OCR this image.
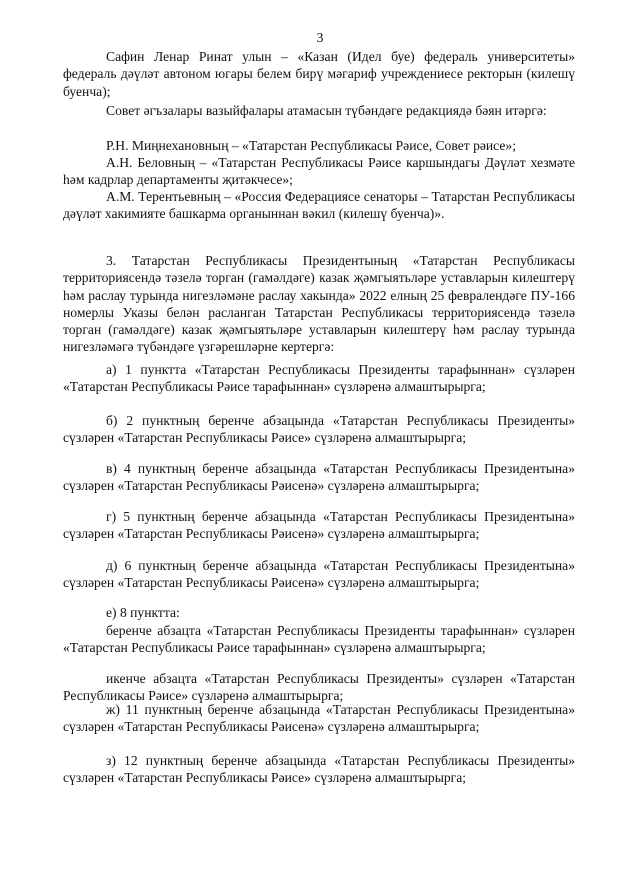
3

Сафин Ленар Ринат улын – «Казан (Идел буе) федераль университеты» федераль дәүләт автоном югары белем бирү мәгариф учреждениесе ректорын (килешү буенча);

Совет әгъзалары вазыйфалары атамасын түбәндәге редакциядә бәян итәргә:

Р.Н. Миңнехановның – «Татарстан Республикасы Рәисе, Совет рәисе»;

А.Н. Беловның – «Татарстан Республикасы Рәисе каршындагы Дәүләт хезмәте һәм кадрлар департаменты җитәкчесе»;

А.М. Терентьевның – «Россия Федерациясе сенаторы – Татарстан Республикасы дәүләт хакимияте башкарма органыннан вәкил (килешү буенча)».

3. Татарстан Республикасы Президентының «Татарстан Республикасы территориясендә тәзелә торган (гамәлдәге) казак җәмгыятьләре уставларын килештерү һәм раслау турында нигезләмәне раслау хакында» 2022 елның 25 февралендәге ПУ-166 номерлы Указы белән расланган Татарстан Республикасы территориясендә тәзелә торган (гамәлдәге) казак җәмгыятьләре уставларын килештерү һәм раслау турында нигезләмәгә түбәндәге үзгәрешләрне кертергә:

а) 1 пунктта «Татарстан Республикасы Президенты тарафыннан» сүзләрен «Татарстан Республикасы Рәисе тарафыннан» сүзләренә алмаштырырга;

б) 2 пунктның беренче абзацында «Татарстан Республикасы Президенты» сүзләрен «Татарстан Республикасы Рәисе» сүзләренә алмаштырырга;

в) 4 пунктның беренче абзацында «Татарстан Республикасы Президентына» сүзләрен «Татарстан Республикасы Рәисенә» сүзләренә алмаштырырга;

г) 5 пунктның беренче абзацында «Татарстан Республикасы Президентына» сүзләрен «Татарстан Республикасы Рәисенә» сүзләренә алмаштырырга;

д) 6 пунктның беренче абзацында «Татарстан Республикасы Президентына» сүзләрен «Татарстан Республикасы Рәисенә» сүзләренә алмаштырырга;

е) 8 пунктта:

беренче абзацта «Татарстан Республикасы Президенты тарафыннан» сүзләрен «Татарстан Республикасы Рәисе тарафыннан» сүзләренә алмаштырырга;

икенче абзацта «Татарстан Республикасы Президенты» сүзләрен «Татарстан Республикасы Рәисе» сүзләренә алмаштырырга;

ж) 11 пунктның беренче абзацында «Татарстан Республикасы Президентына» сүзләрен «Татарстан Республикасы Рәисенә» сүзләренә алмаштырырга;

з) 12 пунктның беренче абзацында «Татарстан Республикасы Президенты» сүзләрен «Татарстан Республикасы Рәисе» сүзләренә алмаштырырга;
